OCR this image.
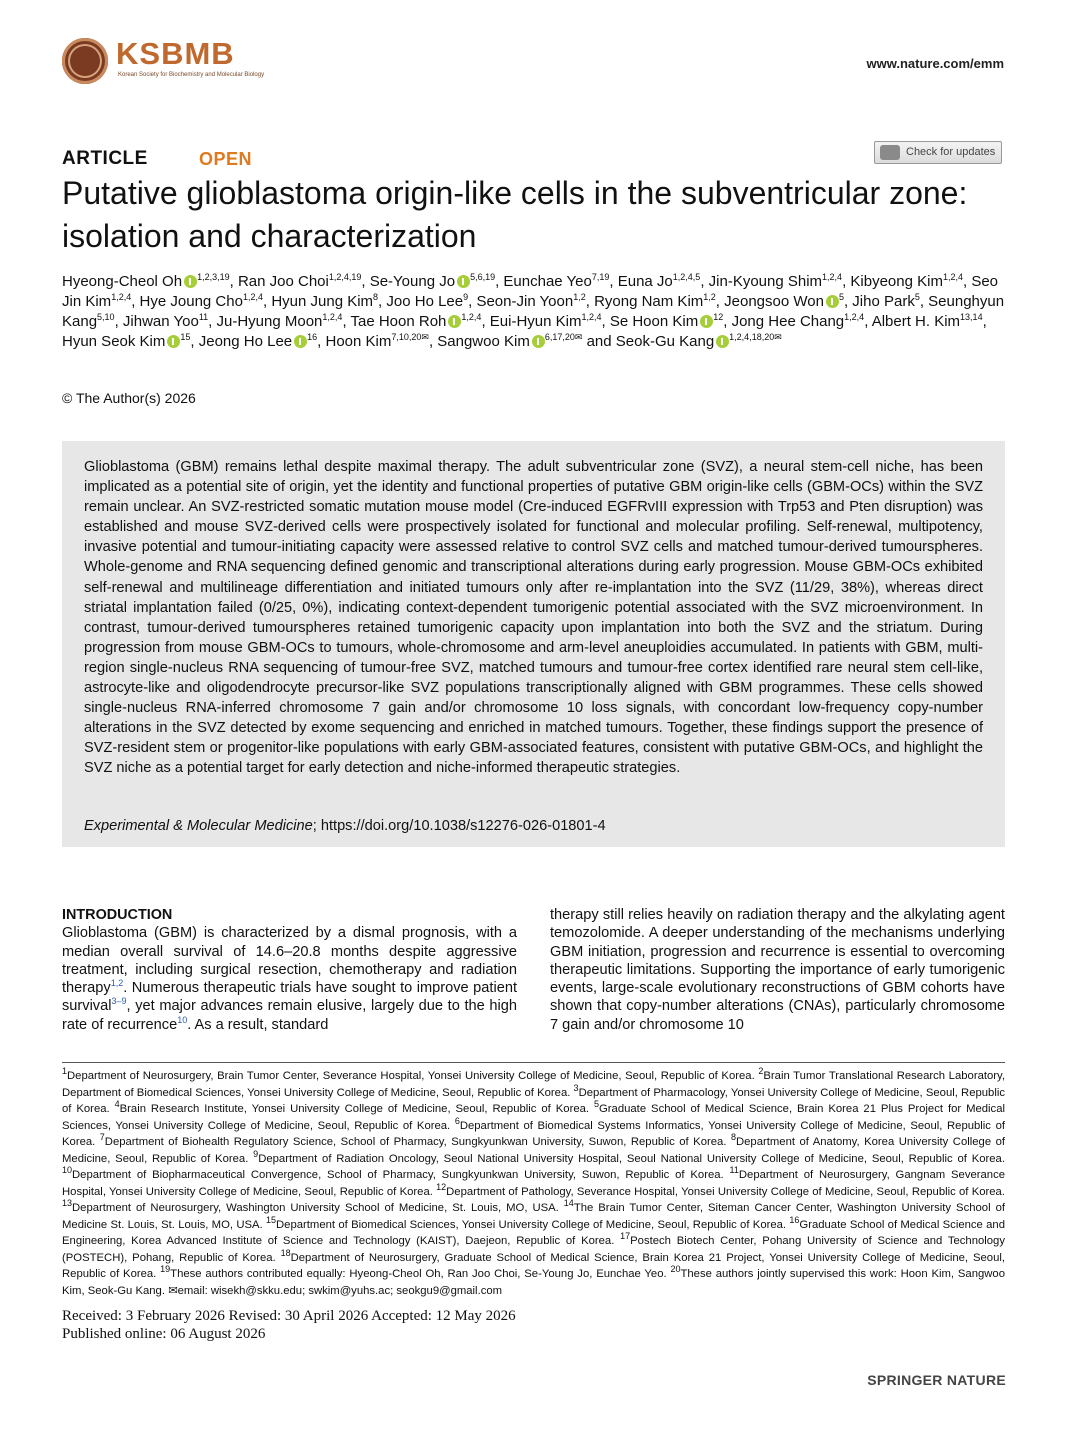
KSBMB
Korean Society for Biochemistry and Molecular Biology
www.nature.com/emm
ARTICLE	OPEN	Check for updates
Putative glioblastoma origin-like cells in the subventricular zone: isolation and characterization
Hyeong-Cheol Oh $^{1,2,3,19}$, Ran Joo Choi$^{1,2,4,19}$, Se-Young Jo $^{5,6,19}$, Eunchae Yeo$^{7,19}$, Euna Jo$^{1,2,4,5}$, Jin-Kyoung Shim$^{1,2,4}$, Kibyeong Kim$^{1,2,4}$, Seo Jin Kim$^{1,2,4}$, Hye Joung Cho$^{1,2,4}$, Hyun Jung Kim$^8$, Joo Ho Lee$^9$, Seon-Jin Yoon$^{1,2}$, Ryong Nam Kim$^{1,2}$, Jeongsoo Won $^5$, Jiho Park$^5$, Seunghyun Kang$^{5,10}$, Jihwan Yoo$^{11}$, Ju-Hyung Moon$^{1,2,4}$, Tae Hoon Roh $^{1,2,4}$, Eui-Hyun Kim$^{1,2,4}$, Se Hoon Kim $^{12}$, Jong Hee Chang$^{1,2,4}$, Albert H. Kim$^{13,14}$, Hyun Seok Kim $^{15}$, Jeong Ho Lee $^{16}$, Hoon Kim$^{7,10,20✉}$, Sangwoo Kim $^{6,17,20✉}$ and Seok-Gu Kang $^{1,2,4,18,20✉}$
© The Author(s) 2026
Glioblastoma (GBM) remains lethal despite maximal therapy. The adult subventricular zone (SVZ), a neural stem-cell niche, has been implicated as a potential site of origin, yet the identity and functional properties of putative GBM origin-like cells (GBM-OCs) within the SVZ remain unclear. An SVZ-restricted somatic mutation mouse model (Cre-induced EGFRvIII expression with Trp53 and Pten disruption) was established and mouse SVZ-derived cells were prospectively isolated for functional and molecular profiling. Self-renewal, multipotency, invasive potential and tumour-initiating capacity were assessed relative to control SVZ cells and matched tumour-derived tumourspheres. Whole-genome and RNA sequencing defined genomic and transcriptional alterations during early progression. Mouse GBM-OCs exhibited self-renewal and multilineage differentiation and initiated tumours only after re-implantation into the SVZ (11/29, 38%), whereas direct striatal implantation failed (0/25, 0%), indicating context-dependent tumorigenic potential associated with the SVZ microenvironment. In contrast, tumour-derived tumourspheres retained tumorigenic capacity upon implantation into both the SVZ and the striatum. During progression from mouse GBM-OCs to tumours, whole-chromosome and arm-level aneuploidies accumulated. In patients with GBM, multi-region single-nucleus RNA sequencing of tumour-free SVZ, matched tumours and tumour-free cortex identified rare neural stem cell-like, astrocyte-like and oligodendrocyte precursor-like SVZ populations transcriptionally aligned with GBM programmes. These cells showed single-nucleus RNA-inferred chromosome 7 gain and/or chromosome 10 loss signals, with concordant low-frequency copy-number alterations in the SVZ detected by exome sequencing and enriched in matched tumours. Together, these findings support the presence of SVZ-resident stem or progenitor-like populations with early GBM-associated features, consistent with putative GBM-OCs, and highlight the SVZ niche as a potential target for early detection and niche-informed therapeutic strategies.
Experimental & Molecular Medicine; https://doi.org/10.1038/s12276-026-01801-4
INTRODUCTION
Glioblastoma (GBM) is characterized by a dismal prognosis, with a median overall survival of 14.6–20.8 months despite aggressive treatment, including surgical resection, chemotherapy and radiation therapy$^{1,2}$. Numerous therapeutic trials have sought to improve patient survival$^{3-9}$, yet major advances remain elusive, largely due to the high rate of recurrence$^{10}$. As a result, standard
therapy still relies heavily on radiation therapy and the alkylating agent temozolomide. A deeper understanding of the mechanisms underlying GBM initiation, progression and recurrence is essential to overcoming therapeutic limitations. Supporting the importance of early tumorigenic events, large-scale evolutionary reconstructions of GBM cohorts have shown that copy-number alterations (CNAs), particularly chromosome 7 gain and/or chromosome 10
$^1$Department of Neurosurgery, Brain Tumor Center, Severance Hospital, Yonsei University College of Medicine, Seoul, Republic of Korea. $^2$Brain Tumor Translational Research Laboratory, Department of Biomedical Sciences, Yonsei University College of Medicine, Seoul, Republic of Korea. $^3$Department of Pharmacology, Yonsei University College of Medicine, Seoul, Republic of Korea. $^4$Brain Research Institute, Yonsei University College of Medicine, Seoul, Republic of Korea. $^5$Graduate School of Medical Science, Brain Korea 21 Plus Project for Medical Sciences, Yonsei University College of Medicine, Seoul, Republic of Korea. $^6$Department of Biomedical Systems Informatics, Yonsei University College of Medicine, Seoul, Republic of Korea. $^7$Department of Biohealth Regulatory Science, School of Pharmacy, Sungkyunkwan University, Suwon, Republic of Korea. $^8$Department of Anatomy, Korea University College of Medicine, Seoul, Republic of Korea. $^9$Department of Radiation Oncology, Seoul National University Hospital, Seoul National University College of Medicine, Seoul, Republic of Korea. $^{10}$Department of Biopharmaceutical Convergence, School of Pharmacy, Sungkyunkwan University, Suwon, Republic of Korea. $^{11}$Department of Neurosurgery, Gangnam Severance Hospital, Yonsei University College of Medicine, Seoul, Republic of Korea. $^{12}$Department of Pathology, Severance Hospital, Yonsei University College of Medicine, Seoul, Republic of Korea. $^{13}$Department of Neurosurgery, Washington University School of Medicine, St. Louis, MO, USA. $^{14}$The Brain Tumor Center, Siteman Cancer Center, Washington University School of Medicine St. Louis, St. Louis, MO, USA. $^{15}$Department of Biomedical Sciences, Yonsei University College of Medicine, Seoul, Republic of Korea. $^{16}$Graduate School of Medical Science and Engineering, Korea Advanced Institute of Science and Technology (KAIST), Daejeon, Republic of Korea. $^{17}$Postech Biotech Center, Pohang University of Science and Technology (POSTECH), Pohang, Republic of Korea. $^{18}$Department of Neurosurgery, Graduate School of Medical Science, Brain Korea 21 Project, Yonsei University College of Medicine, Seoul, Republic of Korea. $^{19}$These authors contributed equally: Hyeong-Cheol Oh, Ran Joo Choi, Se-Young Jo, Eunchae Yeo. $^{20}$These authors jointly supervised this work: Hoon Kim, Sangwoo Kim, Seok-Gu Kang. ✉email: wisekh@skku.edu; swkim@yuhs.ac; seokgu9@gmail.com
Received: 3 February 2026 Revised: 30 April 2026 Accepted: 12 May 2026
Published online: 06 August 2026
SPRINGER NATURE
